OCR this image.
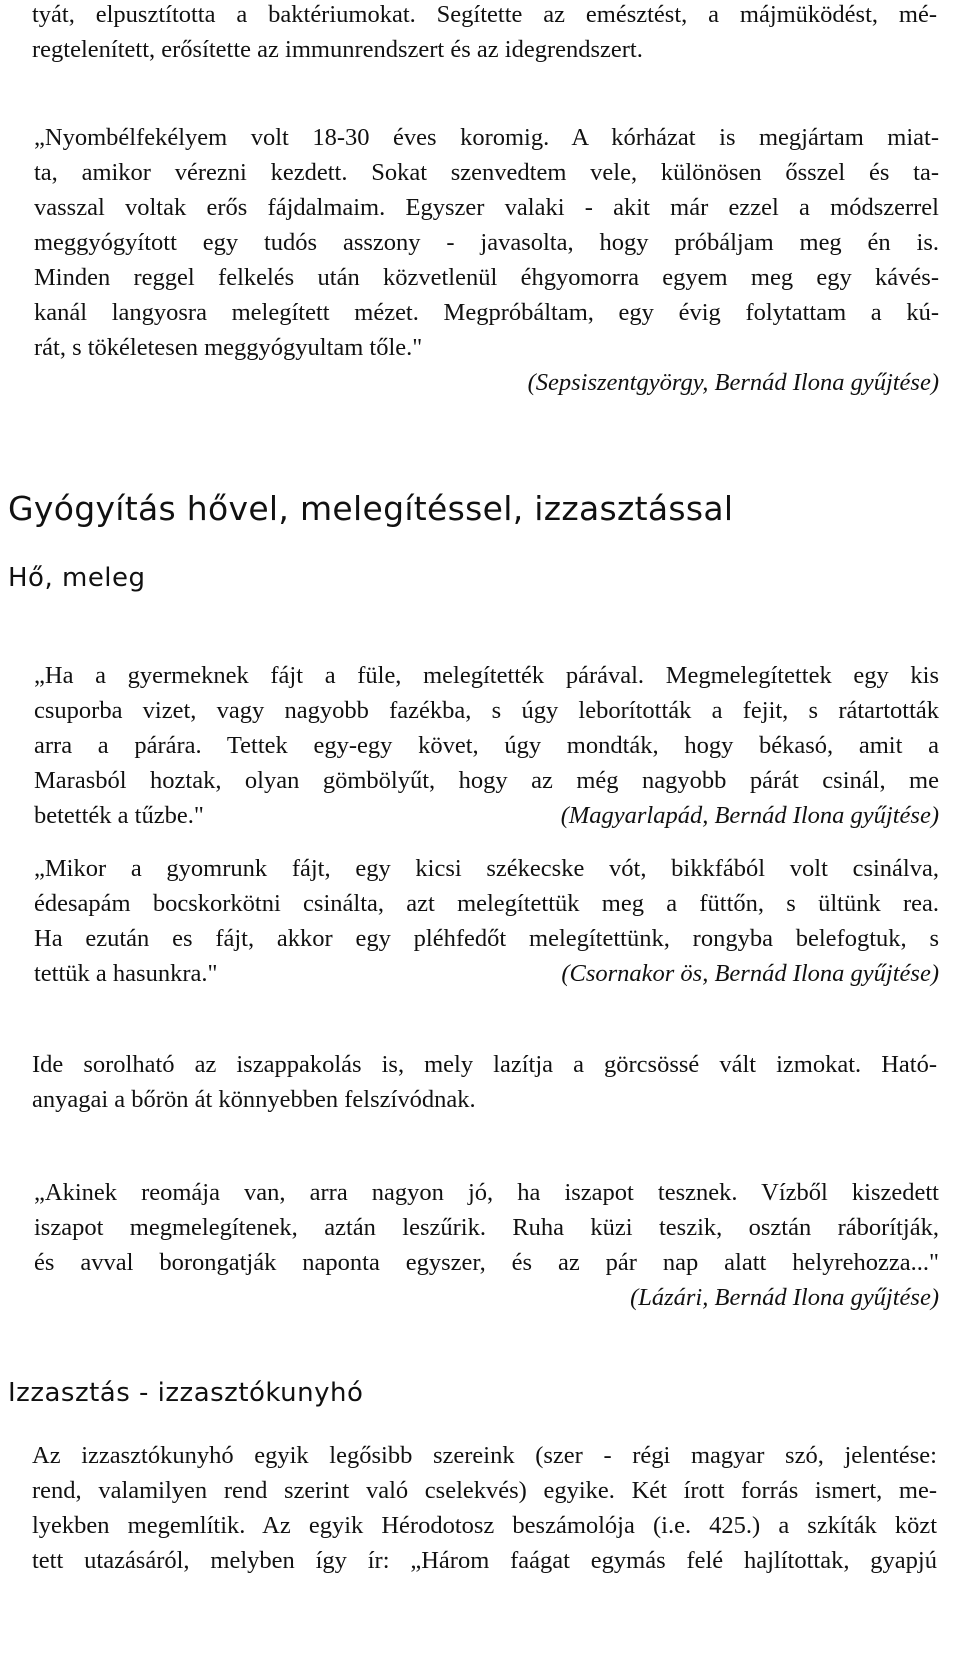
tyát, elpusztította a baktériumokat. Segítette az emésztést, a májmüködést, mé-
regtelenített, erősítette az immunrendszert és az idegrendszert.
„Nyombélfekélyem volt 18-30 éves koromig. A kórházat is megjártam miat-
ta, amikor vérezni kezdett. Sokat szenvedtem vele, különösen ősszel és ta-
vasszal voltak erős fájdalmaim. Egyszer valaki - akit már ezzel a módszerrel
meggyógyított egy tudós asszony - javasolta, hogy próbáljam meg én is.
Minden reggel felkelés után közvetlenül éhgyomorra egyem meg egy kávés-
kanál langyosra melegített mézet. Megpróbáltam, egy évig folytattam a kú-
rát, s tökéletesen meggyógyultam tőle."
(Sepsiszentgyörgy, Bernád Ilona gyűjtése)
Gyógyítás hővel, melegítéssel, izzasztással
Hő, meleg
„Ha a gyermeknek fájt a füle, melegítették párával. Megmelegítettek egy kis
csuporba vizet, vagy nagyobb fazékba, s úgy leborították a fejit, s rátartották
arra a párára. Tettek egy-egy követ, úgy mondták, hogy békasó, amit a
Marasból hoztak, olyan gömbölyűt, hogy az még nagyobb párát csinál, me
betették a tűzbe."	(Magyarlapád, Bernád Ilona gyűjtése)
„Mikor a gyomrunk fájt, egy kicsi székecske vót, bikkfából volt csinálva,
édesapám bocskorkötni csinálta, azt melegítettük meg a füttőn, s ültünk rea.
Ha ezután es fájt, akkor egy pléhfedőt melegítettünk, rongyba belefogtuk, s
tettük a hasunkra."	(Csornakor ös, Bernád Ilona gyűjtése)
Ide sorolható az iszappakolás is, mely lazítja a görcsössé vált izmokat. Ható-
anyagai a bőrön át könnyebben felszívódnak.
„Akinek reomája van, arra nagyon jó, ha iszapot tesznek. Vízből kiszedett
iszapot megmelegítenek, aztán leszűrik. Ruha küzi teszik, osztán ráborítják,
és avval borongatják naponta egyszer, és az pár nap alatt helyrehozza..."
(Lázári, Bernád Ilona gyűjtése)
Izzasztás - izzasztókunyhó
Az izzasztókunyhó egyik legősibb szereink (szer - régi magyar szó, jelentése:
rend, valamilyen rend szerint való cselekvés) egyike. Két írott forrás ismert, me-
lyekben megemlítik. Az egyik Hérodotosz beszámolója (i.e. 425.) a szkíták közt
tett utazásáról, melyben így ír: „Három faágat egymás felé hajlítottak, gyapjú
